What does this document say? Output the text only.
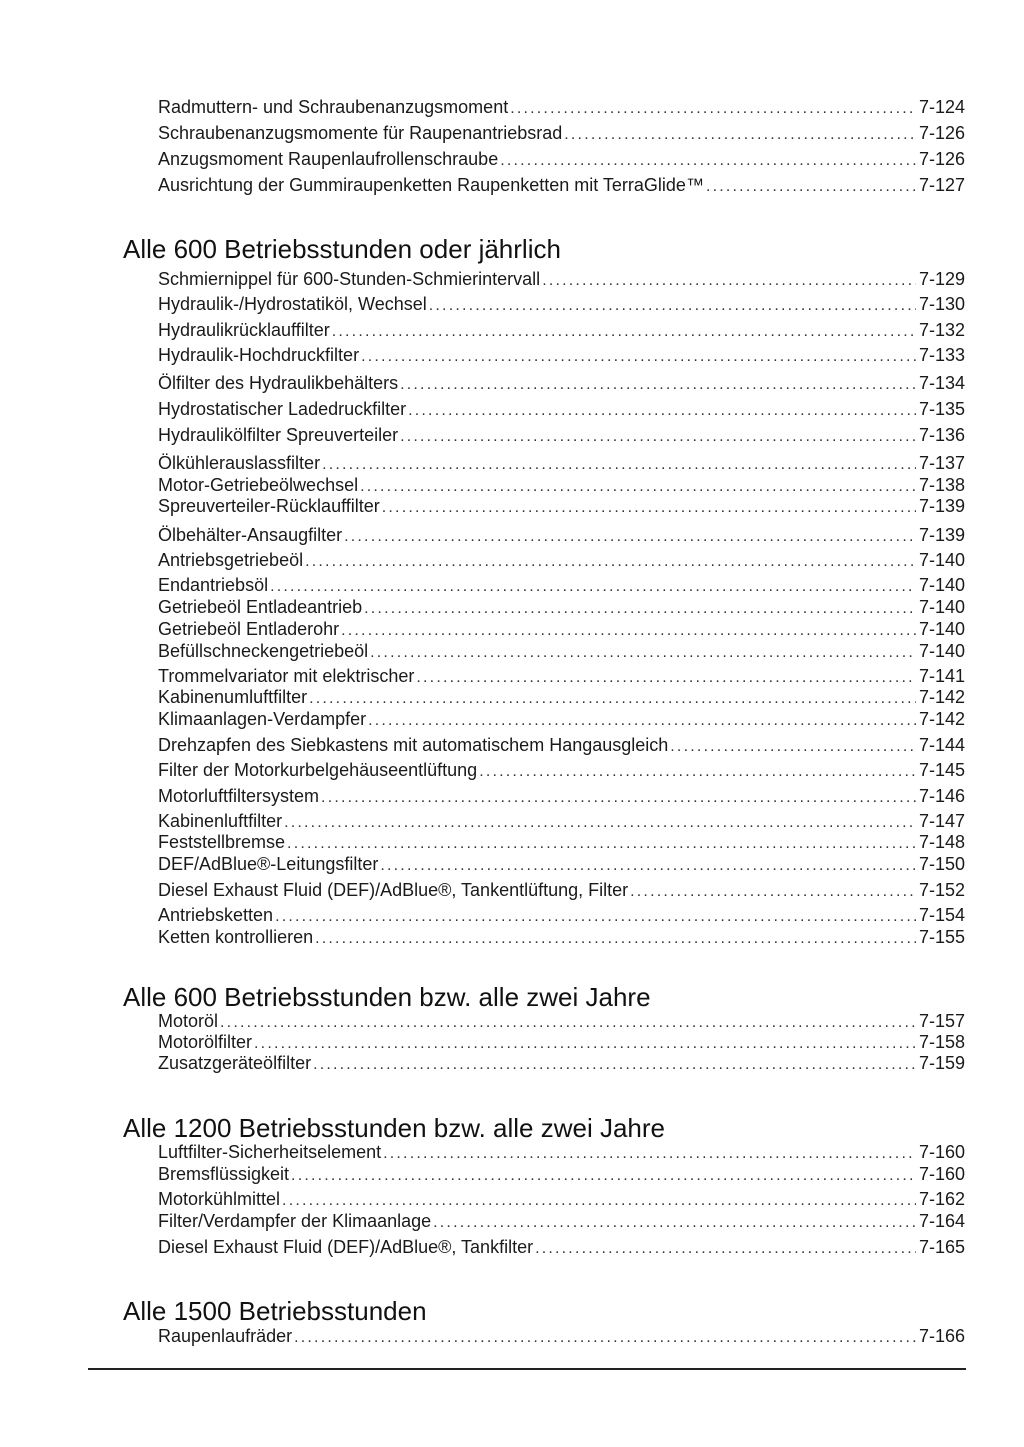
Radmuttern- und Schraubenanzugsmoment .....	7-124
Schraubenanzugsmomente für Raupenantriebsrad .....	7-126
Anzugsmoment Raupenlaufrollenschraube .....	7-126
Ausrichtung der Gummiraupenketten Raupenketten mit TerraGlide™ .....	7-127
Alle 600 Betriebsstunden oder jährlich
Schmiernippel für 600-Stunden-Schmierintervall .....	7-129
Hydraulik-/Hydrostatiköl, Wechsel .....	7-130
Hydraulikrücklauffilter .....	7-132
Hydraulik-Hochdruckfilter .....	7-133
Ölfilter des Hydraulikbehälters .....	7-134
Hydrostatischer Ladedruckfilter .....	7-135
Hydraulikölfilter Spreuverteiler .....	7-136
Ölkühlerauslassfilter .....	7-137
Motor-Getriebeölwechsel .....	7-138
Spreuverteiler-Rücklauffilter .....	7-139
Ölbehälter-Ansaugfilter .....	7-139
Antriebsgetriebeöl .....	7-140
Endantriebsöl .....	7-140
Getriebeöl Entladeantrieb .....	7-140
Getriebeöl Entladerohr .....	7-140
Befüllschneckengetriebeöl .....	7-140
Trommelvariator mit elektrischer .....	7-141
Kabinenumluftfilter .....	7-142
Klimaanlagen-Verdampfer .....	7-142
Drehzapfen des Siebkastens mit automatischem Hangausgleich .....	7-144
Filter der Motorkurbelgehäuseentlüftung .....	7-145
Motorluftfiltersystem .....	7-146
Kabinenluftfilter .....	7-147
Feststellbremse .....	7-148
DEF/AdBlue®-Leitungsfilter .....	7-150
Diesel Exhaust Fluid (DEF)/AdBlue®, Tankentlüftung, Filter .....	7-152
Antriebsketten .....	7-154
Ketten kontrollieren .....	7-155
Alle 600 Betriebsstunden bzw. alle zwei Jahre
Motoröl .....	7-157
Motorölfilter .....	7-158
Zusatzgeräteölfilter .....	7-159
Alle 1200 Betriebsstunden bzw. alle zwei Jahre
Luftfilter-Sicherheitselement .....	7-160
Bremsflüssigkeit .....	7-160
Motorkühlmittel .....	7-162
Filter/Verdampfer der Klimaanlage .....	7-164
Diesel Exhaust Fluid (DEF)/AdBlue®, Tankfilter .....	7-165
Alle 1500 Betriebsstunden
Raupenlaufräder .....	7-166
